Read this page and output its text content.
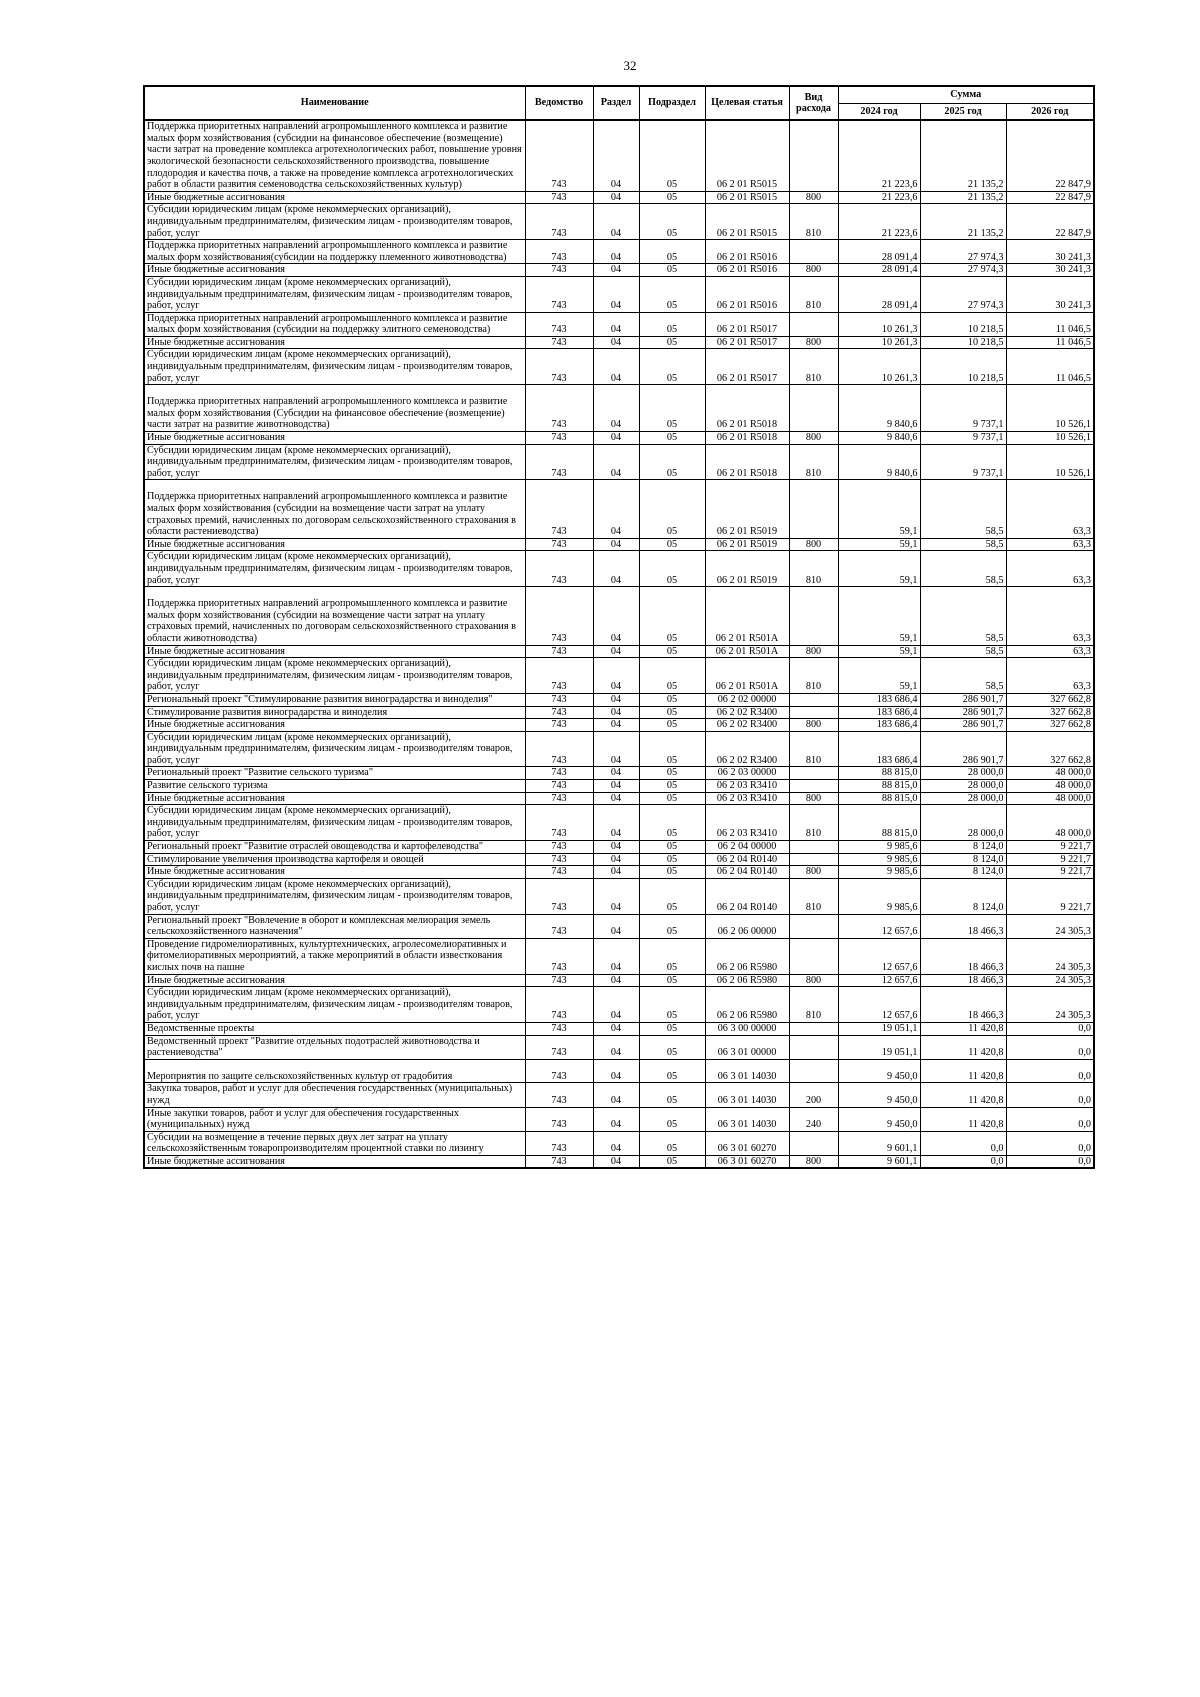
32
Наименование	Ведомство	Раздел	Подраздел	Целевая статья	Вид расхода	Сумма		
						2024 год	2025 год	2026 год
Поддержка приоритетных направлений агропромышленного комплекса и развитие малых форм хозяйствования (субсидии на финансовое обеспечение (возмещение) части затрат на проведение комплекса агротехнологических работ, повышение уровня экологической безопасности сельскохозяйственного производства, повышение плодородия и качества почв, а также на проведение комплекса агротехнологических работ в области развития семеноводства сельскохозяйственных культур)	743	04	05	06 2 01 R5015		21 223,6	21 135,2	22 847,9
Иные бюджетные ассигнования	743	04	05	06 2 01 R5015	800	21 223,6	21 135,2	22 847,9
Субсидии юридическим лицам (кроме некоммерческих организаций), индивидуальным предпринимателям, физическим лицам - производителям товаров, работ, услуг	743	04	05	06 2 01 R5015	810	21 223,6	21 135,2	22 847,9
Поддержка приоритетных направлений агропромышленного комплекса и развитие малых форм хозяйствования(субсидии на поддержку племенного животноводства)	743	04	05	06 2 01 R5016		28 091,4	27 974,3	30 241,3
Иные бюджетные ассигнования	743	04	05	06 2 01 R5016	800	28 091,4	27 974,3	30 241,3
Субсидии юридическим лицам (кроме некоммерческих организаций), индивидуальным предпринимателям, физическим лицам - производителям товаров, работ, услуг	743	04	05	06 2 01 R5016	810	28 091,4	27 974,3	30 241,3
Поддержка приоритетных направлений агропромышленного комплекса и развитие малых форм хозяйствования (субсидии на поддержку элитного семеноводства)	743	04	05	06 2 01 R5017		10 261,3	10 218,5	11 046,5
Иные бюджетные ассигнования	743	04	05	06 2 01 R5017	800	10 261,3	10 218,5	11 046,5
Субсидии юридическим лицам (кроме некоммерческих организаций), индивидуальным предпринимателям, физическим лицам - производителям товаров, работ, услуг	743	04	05	06 2 01 R5017	810	10 261,3	10 218,5	11 046,5
Поддержка приоритетных направлений агропромышленного комплекса и развитие малых форм хозяйствования (Субсидии на финансовое обеспечение (возмещение) части затрат на развитие животноводства)	743	04	05	06 2 01 R5018		9 840,6	9 737,1	10 526,1
Иные бюджетные ассигнования	743	04	05	06 2 01 R5018	800	9 840,6	9 737,1	10 526,1
Субсидии юридическим лицам (кроме некоммерческих организаций), индивидуальным предпринимателям, физическим лицам - производителям товаров, работ, услуг	743	04	05	06 2 01 R5018	810	9 840,6	9 737,1	10 526,1
Поддержка приоритетных направлений агропромышленного комплекса и развитие малых форм хозяйствования (субсидии на возмещение части затрат на уплату страховых премий, начисленных по договорам сельскохозяйственного страхования в области растениеводства)	743	04	05	06 2 01 R5019		59,1	58,5	63,3
Иные бюджетные ассигнования	743	04	05	06 2 01 R5019	800	59,1	58,5	63,3
Субсидии юридическим лицам (кроме некоммерческих организаций), индивидуальным предпринимателям, физическим лицам - производителям товаров, работ, услуг	743	04	05	06 2 01 R5019	810	59,1	58,5	63,3
Поддержка приоритетных направлений агропромышленного комплекса и развитие малых форм хозяйствования (субсидии на возмещение части затрат на уплату страховых премий, начисленных по договорам сельскохозяйственного страхования в области животноводства)	743	04	05	06 2 01 R501A		59,1	58,5	63,3
Иные бюджетные ассигнования	743	04	05	06 2 01 R501A	800	59,1	58,5	63,3
Субсидии юридическим лицам (кроме некоммерческих организаций), индивидуальным предпринимателям, физическим лицам - производителям товаров, работ, услуг	743	04	05	06 2 01 R501A	810	59,1	58,5	63,3
Региональный проект "Стимулирование развития виноградарства и виноделия"	743	04	05	06 2 02 00000		183 686,4	286 901,7	327 662,8
Стимулирование развития виноградарства и виноделия	743	04	05	06 2 02 R3400		183 686,4	286 901,7	327 662,8
Иные бюджетные ассигнования	743	04	05	06 2 02 R3400	800	183 686,4	286 901,7	327 662,8
Субсидии юридическим лицам (кроме некоммерческих организаций), индивидуальным предпринимателям, физическим лицам - производителям товаров, работ, услуг	743	04	05	06 2 02 R3400	810	183 686,4	286 901,7	327 662,8
Региональный проект "Развитие сельского туризма"	743	04	05	06 2 03 00000		88 815,0	28 000,0	48 000,0
Развитие сельского туризма	743	04	05	06 2 03 R3410		88 815,0	28 000,0	48 000,0
Иные бюджетные ассигнования	743	04	05	06 2 03 R3410	800	88 815,0	28 000,0	48 000,0
Субсидии юридическим лицам (кроме некоммерческих организаций), индивидуальным предпринимателям, физическим лицам - производителям товаров, работ, услуг	743	04	05	06 2 03 R3410	810	88 815,0	28 000,0	48 000,0
Региональный проект "Развитие отраслей овощеводства и картофелеводства"	743	04	05	06 2 04 00000		9 985,6	8 124,0	9 221,7
Стимулирование увеличения производства картофеля и овощей	743	04	05	06 2 04 R0140		9 985,6	8 124,0	9 221,7
Иные бюджетные ассигнования	743	04	05	06 2 04 R0140	800	9 985,6	8 124,0	9 221,7
Субсидии юридическим лицам (кроме некоммерческих организаций), индивидуальным предпринимателям, физическим лицам - производителям товаров, работ, услуг	743	04	05	06 2 04 R0140	810	9 985,6	8 124,0	9 221,7
Региональный проект "Вовлечение в оборот и комплексная мелиорация земель сельскохозяйственного назначения"	743	04	05	06 2 06 00000		12 657,6	18 466,3	24 305,3
Проведение гидромелиоративных, культуртехнических, агролесомелиоративных и фитомелиоративных мероприятий, а также мероприятий в области известкования кислых почв на пашне	743	04	05	06 2 06 R5980		12 657,6	18 466,3	24 305,3
Иные бюджетные ассигнования	743	04	05	06 2 06 R5980	800	12 657,6	18 466,3	24 305,3
Субсидии юридическим лицам (кроме некоммерческих организаций), индивидуальным предпринимателям, физическим лицам - производителям товаров, работ, услуг	743	04	05	06 2 06 R5980	810	12 657,6	18 466,3	24 305,3
Ведомственные проекты	743	04	05	06 3 00 00000		19 051,1	11 420,8	0,0
Ведомственный проект "Развитие отдельных подотраслей животноводства и растениеводства"	743	04	05	06 3 01 00000		19 051,1	11 420,8	0,0
Мероприятия по защите сельскохозяйственных культур от градобития	743	04	05	06 3 01 14030		9 450,0	11 420,8	0,0
Закупка товаров, работ и услуг для обеспечения государственных (муниципальных) нужд	743	04	05	06 3 01 14030	200	9 450,0	11 420,8	0,0
Иные закупки товаров, работ и услуг для обеспечения государственных (муниципальных) нужд	743	04	05	06 3 01 14030	240	9 450,0	11 420,8	0,0
Субсидии на возмещение в течение первых двух лет затрат на уплату сельскохозяйственным товаропроизводителям процентной ставки по лизингу	743	04	05	06 3 01 60270		9 601,1	0,0	0,0
Иные бюджетные ассигнования	743	04	05	06 3 01 60270	800	9 601,1	0,0	0,0
